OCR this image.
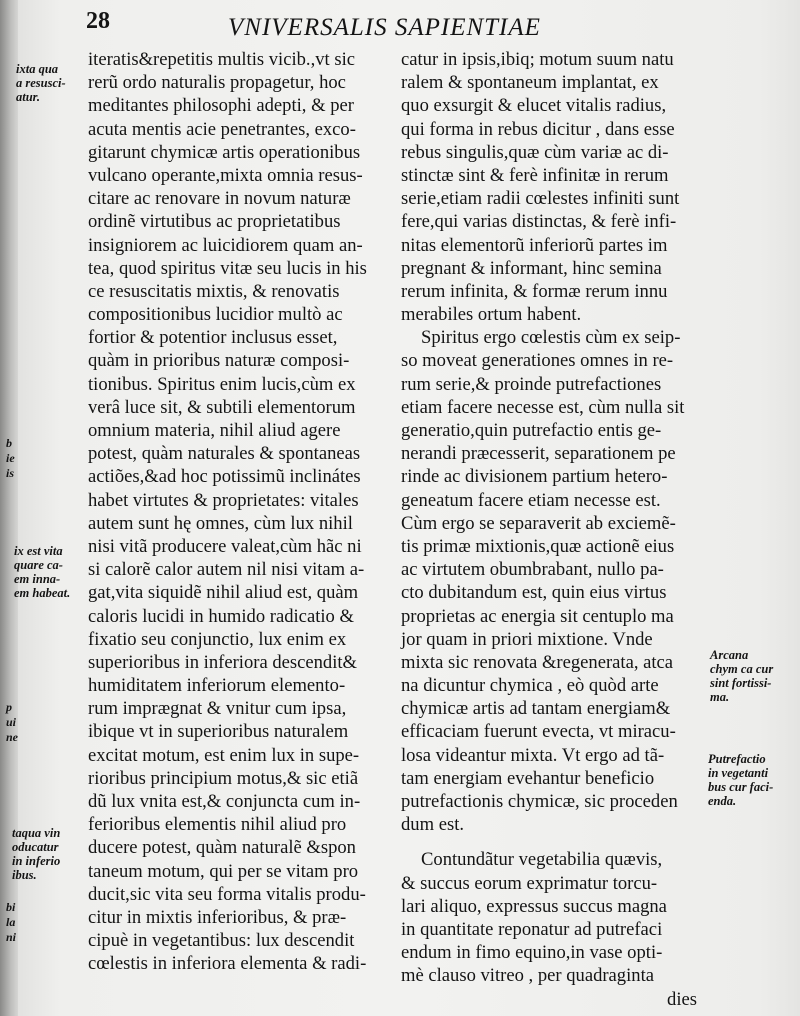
28	VNIVERSALIS SAPIENTIAE
iteratis&repetitis multis vicib.,vt sic
rerũ ordo naturalis propagetur, hoc
meditantes philosophi adepti, & per
acuta mentis acie penetrantes, exco-
gitarunt chymicæ artis operationibus
vulcano operante,mixta omnia resus-
citare ac renovare in novum naturæ
ordinẽ virtutibus ac proprietatibus
insigniorem ac luicidiorem quam an-
tea, quod spiritus vitæ seu lucis in his
ce resuscitatis mixtis, & renovatis
compositionibus lucidior multò ac
fortior & potentior inclusus esset,
quàm in prioribus naturæ composi-
tionibus. Spiritus enim lucis,cùm ex
verâ luce sit, & subtili elementorum
omnium materia, nihil aliud agere
potest, quàm naturales & spontaneas
actiões,&ad hoc potissimũ inclinátes
habet virtutes & proprietates: vitales
autem sunt hę omnes, cùm lux nihil
nisi vitã producere valeat,cùm hãc ni
si calorẽ calor autem nil nisi vitam a-
gat,vita siquidẽ nihil aliud est, quàm
caloris lucidi in humido radicatio &
fixatio seu conjunctio, lux enim ex
superioribus in inferiora descendit&
humiditatem inferiorum elemento-
rum imprægnat & vnitur cum ipsa,
ibique vt in superioribus naturalem
excitat motum, est enim lux in supe-
rioribus principium motus,& sic etiã
dũ lux vnita est,& conjuncta cum in-
ferioribus elementis nihil aliud pro
ducere potest, quàm naturalẽ &spon
taneum motum, qui per se vitam pro
ducit,sic vita seu forma vitalis produ-
citur in mixtis inferioribus, & præ-
cipuè in vegetantibus: lux descendit
cœlestis in inferiora elementa & radi-
catur in ipsis,ibiq; motum suum natu
ralem & spontaneum implantat, ex
quo exsurgit & elucet vitalis radius,
qui forma in rebus dicitur , dans esse
rebus singulis,quæ cùm variæ ac di-
stinctæ sint & ferè infinitæ in rerum
serie,etiam radii cœlestes infiniti sunt
fere,qui varias distinctas, & ferè infi-
nitas elementorũ inferiorũ partes im
pregnant & informant, hinc semina
rerum infinita, & formæ rerum innu
merabiles ortum habent.
Spiritus ergo cœlestis cùm ex seip-
so moveat generationes omnes in re-
rum serie,& proinde putrefactiones
etiam facere necesse est, cùm nulla sit
generatio,quin putrefactio entis ge-
nerandi præcesserit, separationem pe
rinde ac divisionem partium hetero-
geneatum facere etiam necesse est.
Cùm ergo se separaverit ab exciemẽ-
tis primæ mixtionis,quæ actionẽ eius
ac virtutem obumbrabant, nullo pa-
cto dubitandum est, quin eius virtus
proprietas ac energia sit centuplo ma
jor quam in priori mixtione. Vnde
mixta sic renovata &regenerata, atca
na dicuntur chymica , eò quòd arte
chymicæ artis ad tantam energiam&
efficaciam fuerunt evecta, vt miracu-
losa videantur mixta. Vt ergo ad tã-
tam energiam evehantur beneficio
putrefactionis chymicæ, sic proceden
dum est.
Contundãtur vegetabilia quævis,
& succus eorum exprimatur torcu-
lari aliquo, expressus succus magna
in quantitate reponatur ad putrefaci
endum in fimo equino,in vase opti-
mè clauso vitreo , per quadraginta
dies
ixta qua
a resusci-
atur.
b
ie
is
ix est vita
quare ca-
em inna-
em habeat.
p
ui
ne
taqua vin
oducatur
in inferio
ibus.
bi
la
ni
Arcana
chym ca cur
sint fortissi-
ma.
Putrefactio
in vegetanti
bus cur faci-
enda.
